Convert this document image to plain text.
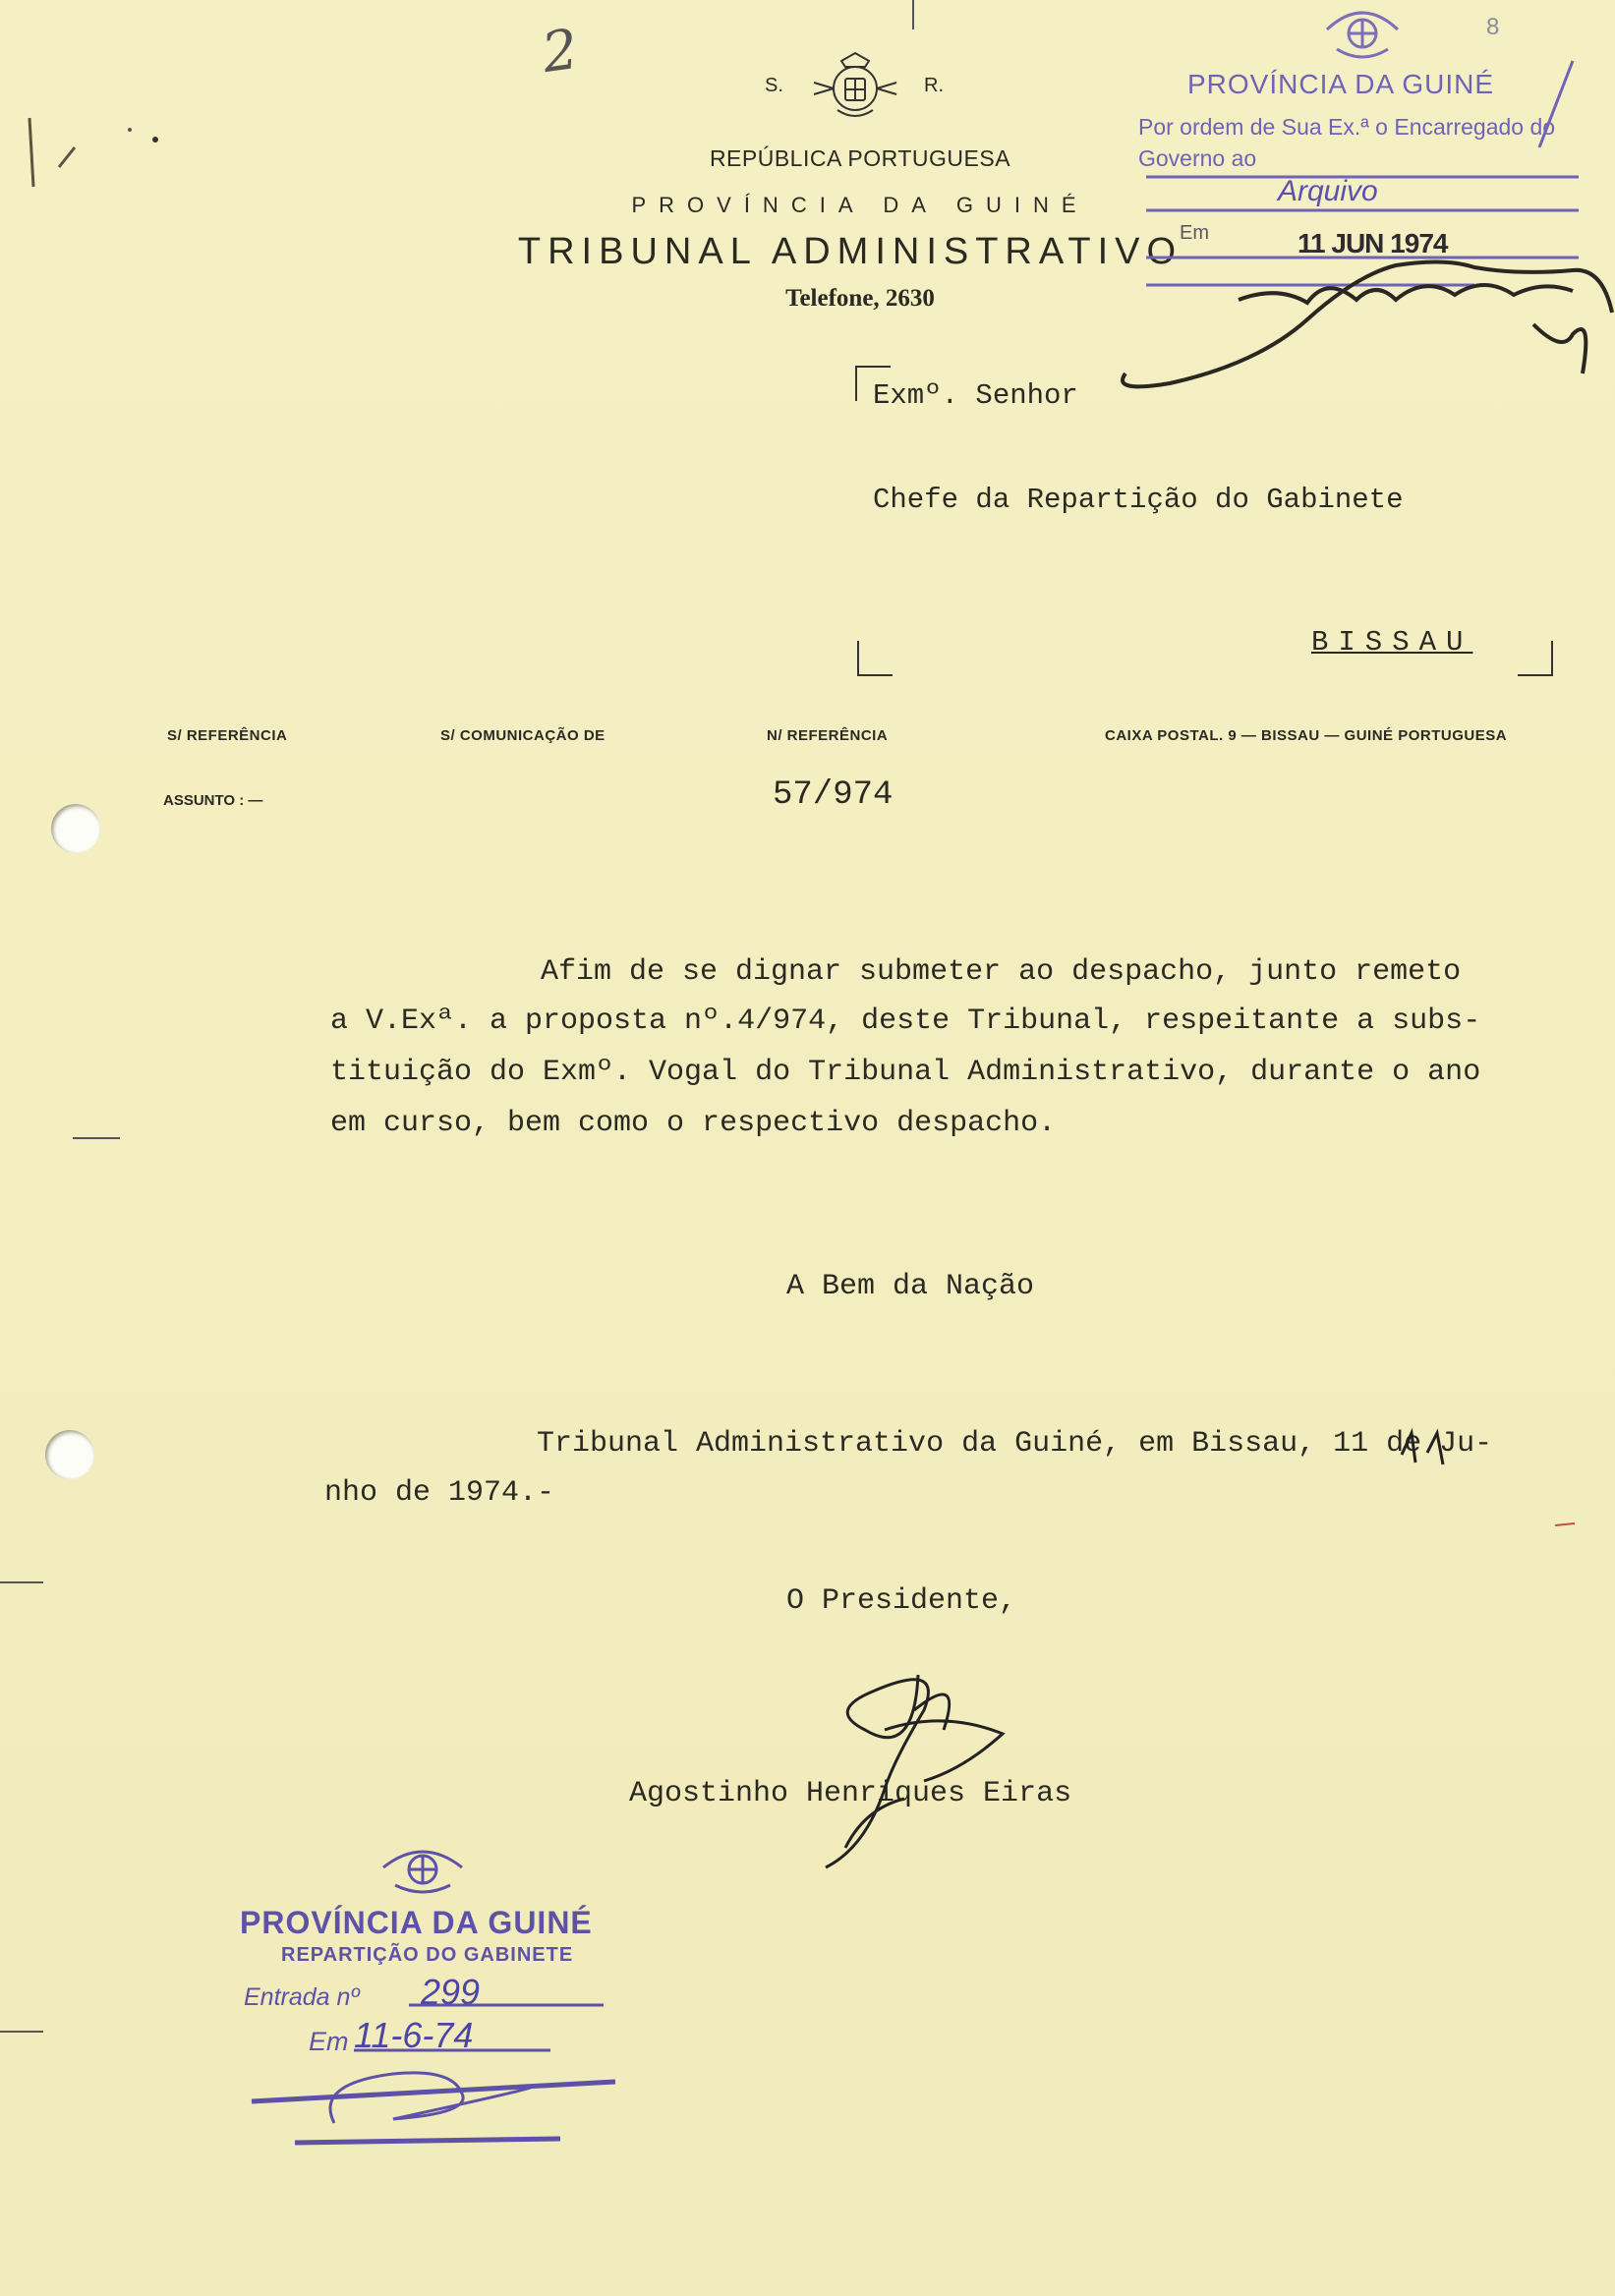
2	S.	R.
REPÚBLICA PORTUGUESA
PROVÍNCIA DA GUINÉ
TRIBUNAL ADMINISTRATIVO
Telefone, 2630
8
PROVÍNCIA DA GUINÉ
Por ordem de Sua Ex.ª o Encarregado do
Governo ao
Arquivo
Em	11 JUN 1974
Exmº. Senhor
Chefe da Repartição do Gabinete
BISSAU
S/ REFERÊNCIA	S/ COMUNICAÇÃO DE	N/ REFERÊNCIA	CAIXA POSTAL. 9 — BISSAU — GUINÉ PORTUGUESA
ASSUNTO : —	57/974
Afim de se dignar submeter ao despacho, junto remeto
a V.Exª. a proposta nº.4/974, deste Tribunal, respeitante a subs-
tituição do Exmº. Vogal do Tribunal Administrativo, durante o ano
em curso, bem como o respectivo despacho.
A Bem da Nação
Tribunal Administrativo da Guiné, em Bissau, 11 de Ju-
nho de 1974.-
O Presidente,
Agostinho Henriques Eiras
PROVÍNCIA DA GUINÉ
REPARTIÇÃO DO GABINETE
Entrada nº 299
Em 11-6-74
